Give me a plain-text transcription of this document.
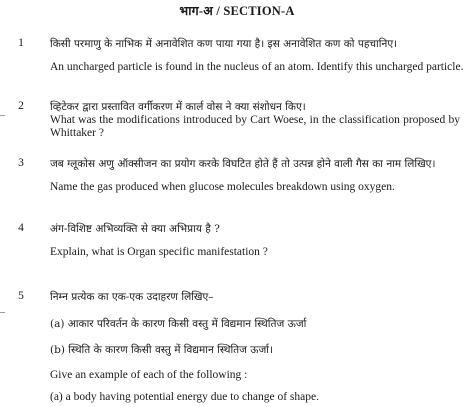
भाग-अ / SECTION-A
1	किसी परमाणु के नाभिक में अनावेशित कण पाया गया है। इस अनावेशित कण को पहचानिए।
An uncharged particle is found in the nucleus of an atom. Identify this uncharged particle.
–
2	व्हिटेकर द्वारा प्रस्तावित वर्गीकरण में कार्ल वोस ने क्या संशोधन किए।
What was the modifications introduced by Cart Woese, in the classification proposed by Whittaker ?
3	जब ग्लूकोस अणु ऑक्सीजन का प्रयोग करके विघटित होते हैं तो उत्पन्न होने वाली गैस का नाम लिखिए।
Name the gas produced when glucose molecules breakdown using oxygen.
4	अंग-विशिष्ट अभिव्यक्ति से क्या अभिप्राय है ?
Explain, what is Organ specific manifestation ?
5
–
निम्न प्रत्येक का एक-एक उदाहरण लिखिए–
(a) आकार परिवर्तन के कारण किसी वस्तु में विद्यमान स्थितिज ऊर्जा
(b) स्थिति के कारण किसी वस्तु में विद्यमान स्थितिज ऊर्जा।
Give an example of each of the following :
(a) a body having potential energy due to change of shape.
